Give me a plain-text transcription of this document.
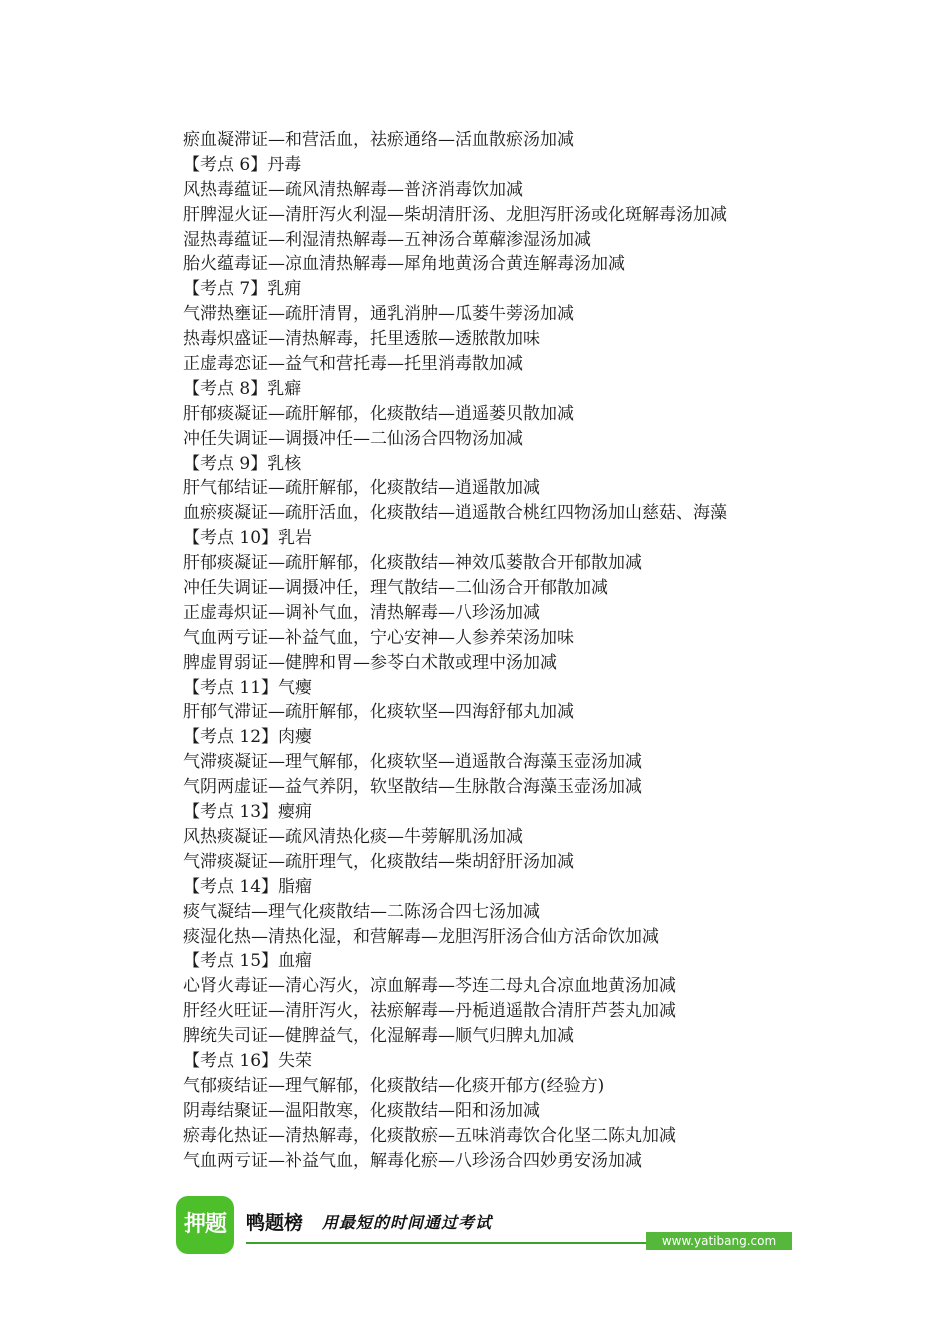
瘀血凝滞证—和营活血，祛瘀通络—活血散瘀汤加减
【考点 6】丹毒
风热毒蕴证—疏风清热解毒—普济消毒饮加减
肝脾湿火证—清肝泻火利湿—柴胡清肝汤、龙胆泻肝汤或化斑解毒汤加减
湿热毒蕴证—利湿清热解毒—五神汤合萆薢渗湿汤加减
胎火蕴毒证—凉血清热解毒—犀角地黄汤合黄连解毒汤加减
【考点 7】乳痈
气滞热壅证—疏肝清胃，通乳消肿—瓜蒌牛蒡汤加减
热毒炽盛证—清热解毒，托里透脓—透脓散加味
正虚毒恋证—益气和营托毒—托里消毒散加减
【考点 8】乳癖
肝郁痰凝证—疏肝解郁，化痰散结—逍遥蒌贝散加减
冲任失调证—调摄冲任—二仙汤合四物汤加减
【考点 9】乳核
肝气郁结证—疏肝解郁，化痰散结—逍遥散加减
血瘀痰凝证—疏肝活血，化痰散结—逍遥散合桃红四物汤加山慈菇、海藻
【考点 10】乳岩
肝郁痰凝证—疏肝解郁，化痰散结—神效瓜蒌散合开郁散加减
冲任失调证—调摄冲任，理气散结—二仙汤合开郁散加减
正虚毒炽证—调补气血，清热解毒—八珍汤加减
气血两亏证—补益气血，宁心安神—人参养荣汤加味
脾虚胃弱证—健脾和胃—参苓白术散或理中汤加减
【考点 11】气瘿
肝郁气滞证—疏肝解郁，化痰软坚—四海舒郁丸加减
【考点 12】肉瘿
气滞痰凝证—理气解郁，化痰软坚—逍遥散合海藻玉壶汤加减
气阴两虚证—益气养阴，软坚散结—生脉散合海藻玉壶汤加减
【考点 13】瘿痈
风热痰凝证—疏风清热化痰—牛蒡解肌汤加减
气滞痰凝证—疏肝理气，化痰散结—柴胡舒肝汤加减
【考点 14】脂瘤
痰气凝结—理气化痰散结—二陈汤合四七汤加减
痰湿化热—清热化湿，和营解毒—龙胆泻肝汤合仙方活命饮加减
【考点 15】血瘤
心肾火毒证—清心泻火，凉血解毒—芩连二母丸合凉血地黄汤加减
肝经火旺证—清肝泻火，祛瘀解毒—丹栀逍遥散合清肝芦荟丸加减
脾统失司证—健脾益气，化湿解毒—顺气归脾丸加减
【考点 16】失荣
气郁痰结证—理气解郁，化痰散结—化痰开郁方(经验方)
阴毒结聚证—温阳散寒，化痰散结—阳和汤加减
瘀毒化热证—清热解毒，化痰散瘀—五味消毒饮合化坚二陈丸加减
气血两亏证—补益气血，解毒化瘀—八珍汤合四妙勇安汤加减
押题	鸭题榜 用最短的时间通过考试
www.yatibang.com
